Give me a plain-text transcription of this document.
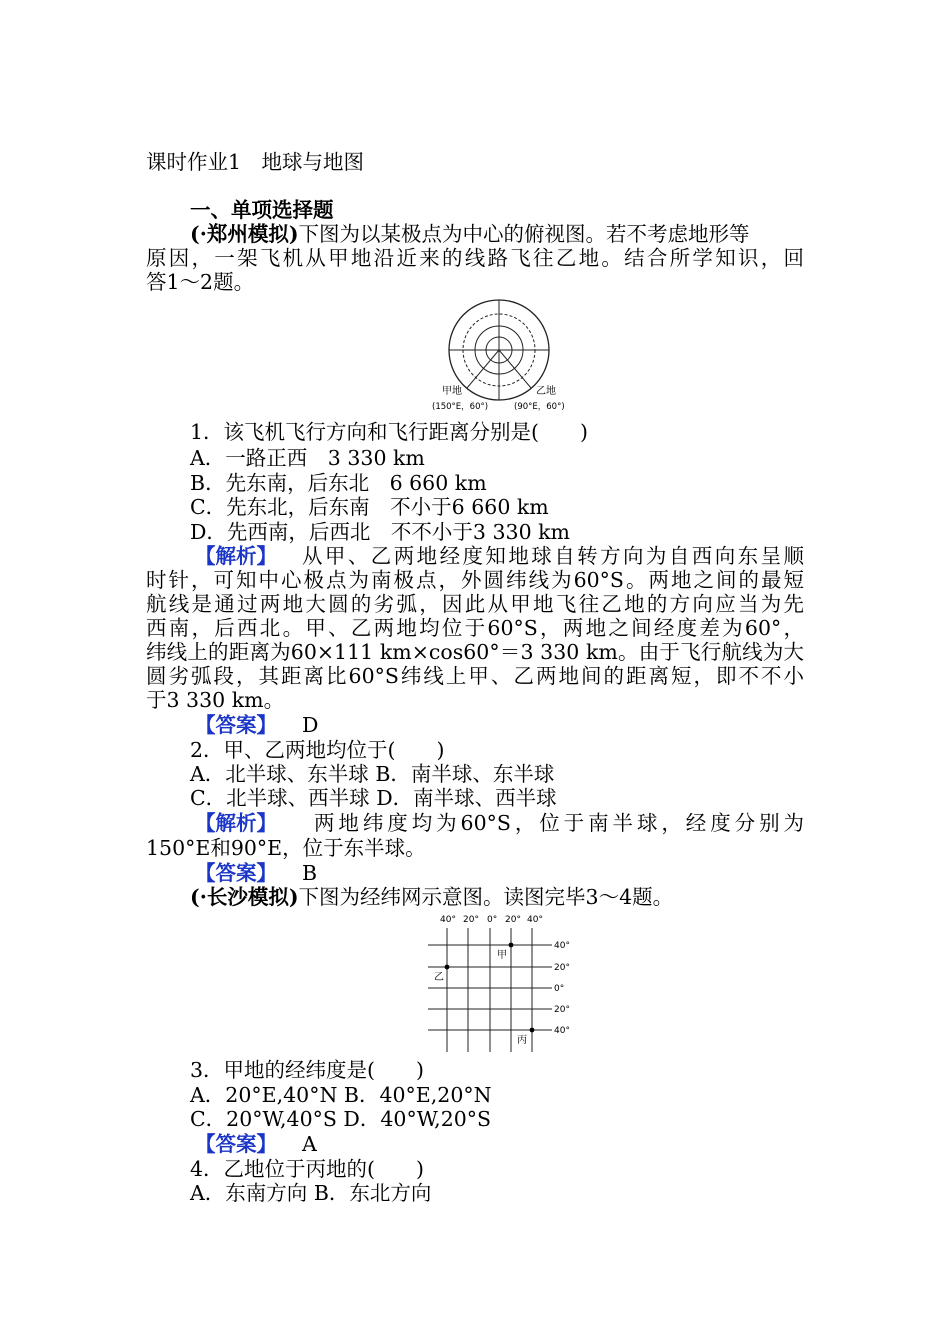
课时作业1　地球与地图
一、单项选择题
(·郑州模拟)下图为以某极点为中心的俯视图。若不考虑地形等
原因，一架飞机从甲地沿近来的线路飞往乙地。结合所学知识，回
答1～2题。
甲地
(150°E，60°)
乙地
(90°E，60°)
1．该飞机飞行方向和飞行距离分别是(　　)
A．一路正西　3 330 km
B．先东南，后东北　6 660 km
C．先东北，后东南　不小于6 660 km
D．先西南，后西北　不不小于3 330 km
【解析】 从甲、乙两地经度知地球自转方向为自西向东呈顺
时针，可知中心极点为南极点，外圆纬线为60°S。两地之间的最短
航线是通过两地大圆的劣弧，因此从甲地飞往乙地的方向应当为先
西南，后西北。甲、乙两地均位于60°S，两地之间经度差为60°，
纬线上的距离为60×111 km×cos60°＝3 330 km。由于飞行航线为大
圆劣弧段，其距离比60°S纬线上甲、乙两地间的距离短，即不不小
于3 330 km。
【答案】 D
2．甲、乙两地均位于(　　)
A．北半球、东半球 B．南半球、东半球
C．北半球、西半球 D．南半球、西半球
【解析】 两地纬度均为60°S，位于南半球，经度分别为
150°E和90°E，位于东半球。
【答案】 B
(·长沙模拟)下图为经纬网示意图。读图完毕3～4题。
40° 20° 0° 20° 40°
40°
20°
0°
20°
40°
甲
乙
丙
3．甲地的经纬度是(　　)
A．20°E,40°N B．40°E,20°N
C．20°W,40°S D．40°W,20°S
【答案】 A
4．乙地位于丙地的(　　)
A．东南方向 B．东北方向
